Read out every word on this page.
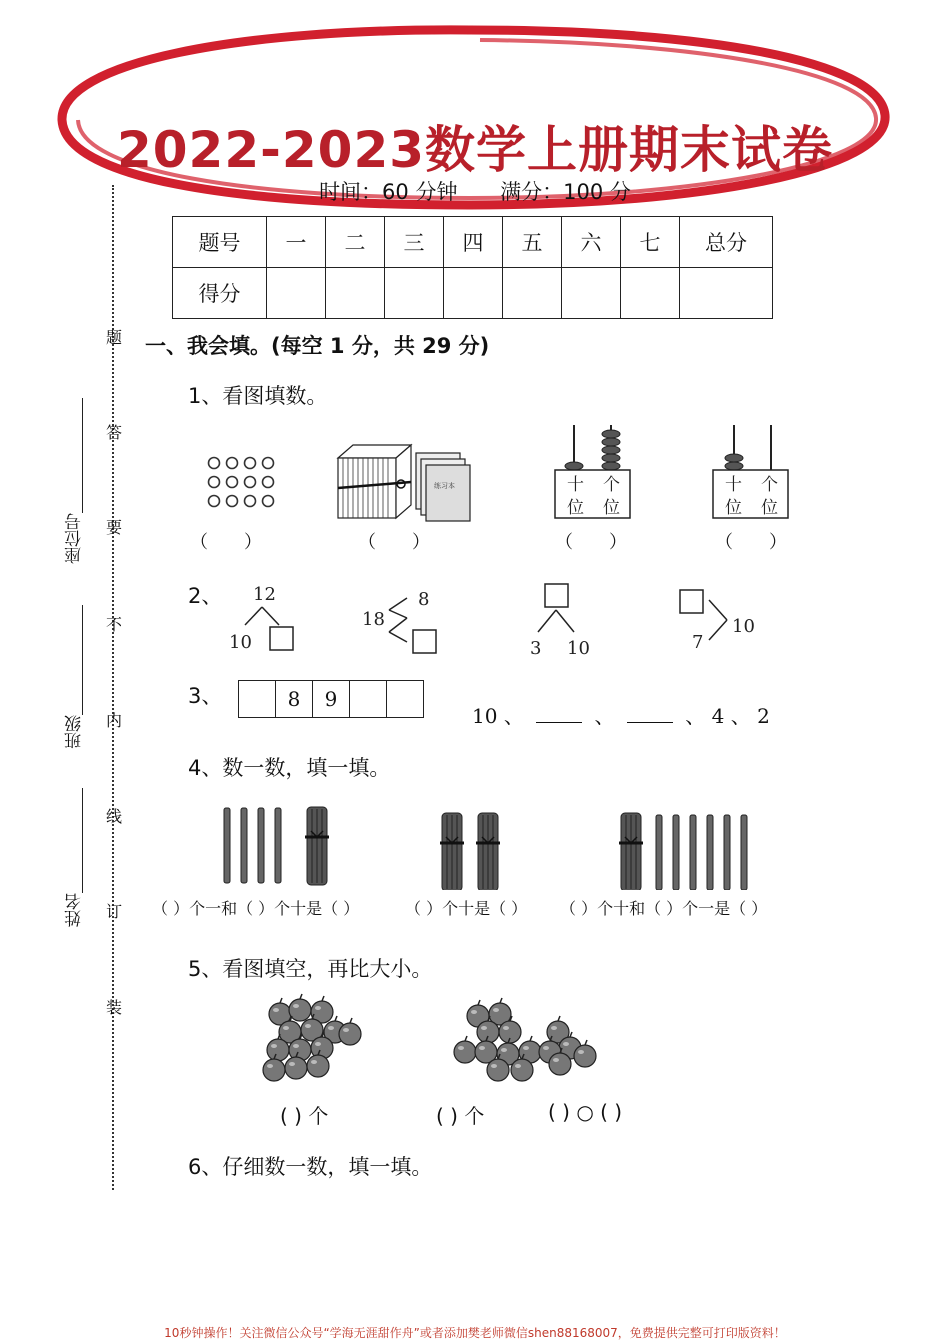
2022-2023数学上册期末试卷
时间：60 分钟 满分：100 分
题号	一	二	三	四	五	六	七	总分
得分								
题
答
要
不
内
线
订
装
座位号
班级
姓名
一、我会填。(每空 1 分，共 29 分)
1、看图填数。
练习本	十
位
个
位
十
位
个
位
（　　）	（　　）	（　　）	（　　）
2、 12
10
18
8
3 10	7
10
3、	8	9
10 、	、	、 4 、 2
4、数一数，填一填。
（ ）个一和（ ）个十是（ ）	（ ）个十是（ ） （ ）个十和（ ）个一是（ ）
5、看图填空，再比大小。
( ) 个	( ) 个	( ) ○ ( )
6、仔细数一数，填一填。
10秒钟操作！关注微信公众号“学海无涯甜作舟”或者添加樊老师微信shen88168007，免费提供完整可打印版资料！
